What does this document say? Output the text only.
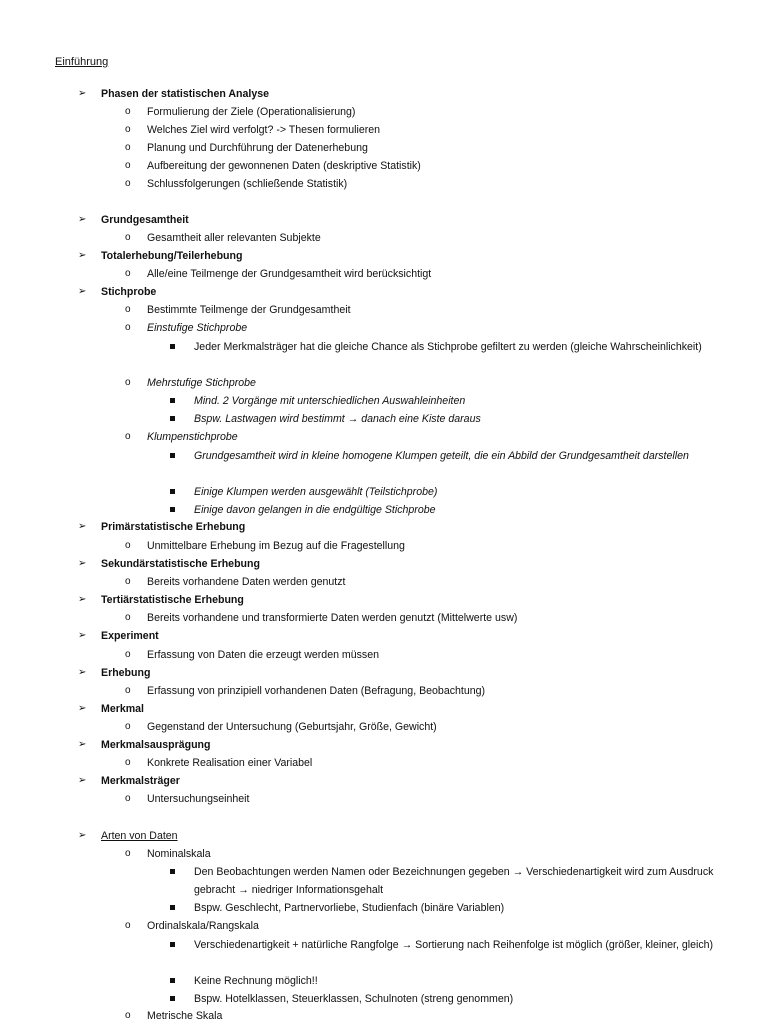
Einführung
➢ Phasen der statistischen Analyse
o Formulierung der Ziele (Operationalisierung)
o Welches Ziel wird verfolgt? -> Thesen formulieren
o Planung und Durchführung der Datenerhebung
o Aufbereitung der gewonnenen Daten (deskriptive Statistik)
o Schlussfolgerungen (schließende Statistik)
➢ Grundgesamtheit
o Gesamtheit aller relevanten Subjekte
➢ Totalerhebung/Teilerhebung
o Alle/eine Teilmenge der Grundgesamtheit wird berücksichtigt
➢ Stichprobe
o Bestimmte Teilmenge der Grundgesamtheit
o Einstufige Stichprobe
Jeder Merkmalsträger hat die gleiche Chance als Stichprobe gefiltert zu werden (gleiche Wahrscheinlichkeit)
o Mehrstufige Stichprobe
Mind. 2 Vorgänge mit unterschiedlichen Auswahleinheiten
Bspw. Lastwagen wird bestimmt → danach eine Kiste daraus
o Klumpenstichprobe
Grundgesamtheit wird in kleine homogene Klumpen geteilt, die ein Abbild der Grundgesamtheit darstellen
Einige Klumpen werden ausgewählt (Teilstichprobe)
Einige davon gelangen in die endgültige Stichprobe
➢ Primärstatistische Erhebung
o Unmittelbare Erhebung im Bezug auf die Fragestellung
➢ Sekundärstatistische Erhebung
o Bereits vorhandene Daten werden genutzt
➢ Tertiärstatistische Erhebung
o Bereits vorhandene und transformierte Daten werden genutzt (Mittelwerte usw)
➢ Experiment
o Erfassung von Daten die erzeugt werden müssen
➢ Erhebung
o Erfassung von prinzipiell vorhandenen Daten (Befragung, Beobachtung)
➢ Merkmal
o Gegenstand der Untersuchung (Geburtsjahr, Größe, Gewicht)
➢ Merkmalsausprägung
o Konkrete Realisation einer Variabel
➢ Merkmalsträger
o Untersuchungseinheit
➢ Arten von Daten
o Nominalskala
Den Beobachtungen werden Namen oder Bezeichnungen gegeben → Verschiedenartigkeit wird zum Ausdruck gebracht → niedriger Informationsgehalt
Bspw. Geschlecht, Partnervorliebe, Studienfach (binäre Variablen)
o Ordinalskala/Rangskala
Verschiedenartigkeit + natürliche Rangfolge → Sortierung nach Reihenfolge ist möglich (größer, kleiner, gleich)
Keine Rechnung möglich!!
Bspw. Hotelklassen, Steuerklassen, Schulnoten (streng genommen)
o Metrische Skala
